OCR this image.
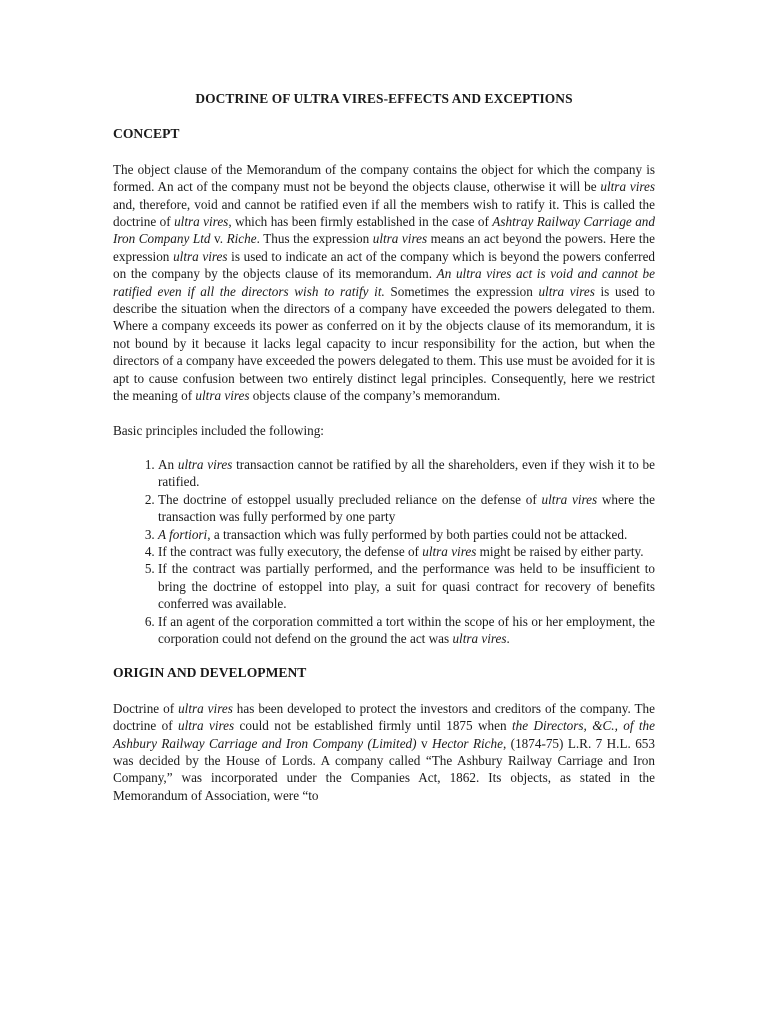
DOCTRINE OF ULTRA VIRES-EFFECTS AND EXCEPTIONS
CONCEPT
The object clause of the Memorandum of the company contains the object for which the company is formed. An act of the company must not be beyond the objects clause, otherwise it will be ultra vires and, therefore, void and cannot be ratified even if all the members wish to ratify it. This is called the doctrine of ultra vires, which has been firmly established in the case of Ashtray Railway Carriage and Iron Company Ltd v. Riche. Thus the expression ultra vires means an act beyond the powers. Here the expression ultra vires is used to indicate an act of the company which is beyond the powers conferred on the company by the objects clause of its memorandum. An ultra vires act is void and cannot be ratified even if all the directors wish to ratify it. Sometimes the expression ultra vires is used to describe the situation when the directors of a company have exceeded the powers delegated to them. Where a company exceeds its power as conferred on it by the objects clause of its memorandum, it is not bound by it because it lacks legal capacity to incur responsibility for the action, but when the directors of a company have exceeded the powers delegated to them. This use must be avoided for it is apt to cause confusion between two entirely distinct legal principles. Consequently, here we restrict the meaning of ultra vires objects clause of the company’s memorandum.
Basic principles included the following:
1. An ultra vires transaction cannot be ratified by all the shareholders, even if they wish it to be ratified.
2. The doctrine of estoppel usually precluded reliance on the defense of ultra vires where the transaction was fully performed by one party
3. A fortiori, a transaction which was fully performed by both parties could not be attacked.
4. If the contract was fully executory, the defense of ultra vires might be raised by either party.
5. If the contract was partially performed, and the performance was held to be insufficient to bring the doctrine of estoppel into play, a suit for quasi contract for recovery of benefits conferred was available.
6. If an agent of the corporation committed a tort within the scope of his or her employment, the corporation could not defend on the ground the act was ultra vires.
ORIGIN AND DEVELOPMENT
Doctrine of ultra vires has been developed to protect the investors and creditors of the company. The doctrine of ultra vires could not be established firmly until 1875 when the Directors, &C., of the Ashbury Railway Carriage and Iron Company (Limited) v Hector Riche, (1874-75) L.R. 7 H.L. 653 was decided by the House of Lords. A company called “The Ashbury Railway Carriage and Iron Company,” was incorporated under the Companies Act, 1862. Its objects, as stated in the Memorandum of Association, were “to
